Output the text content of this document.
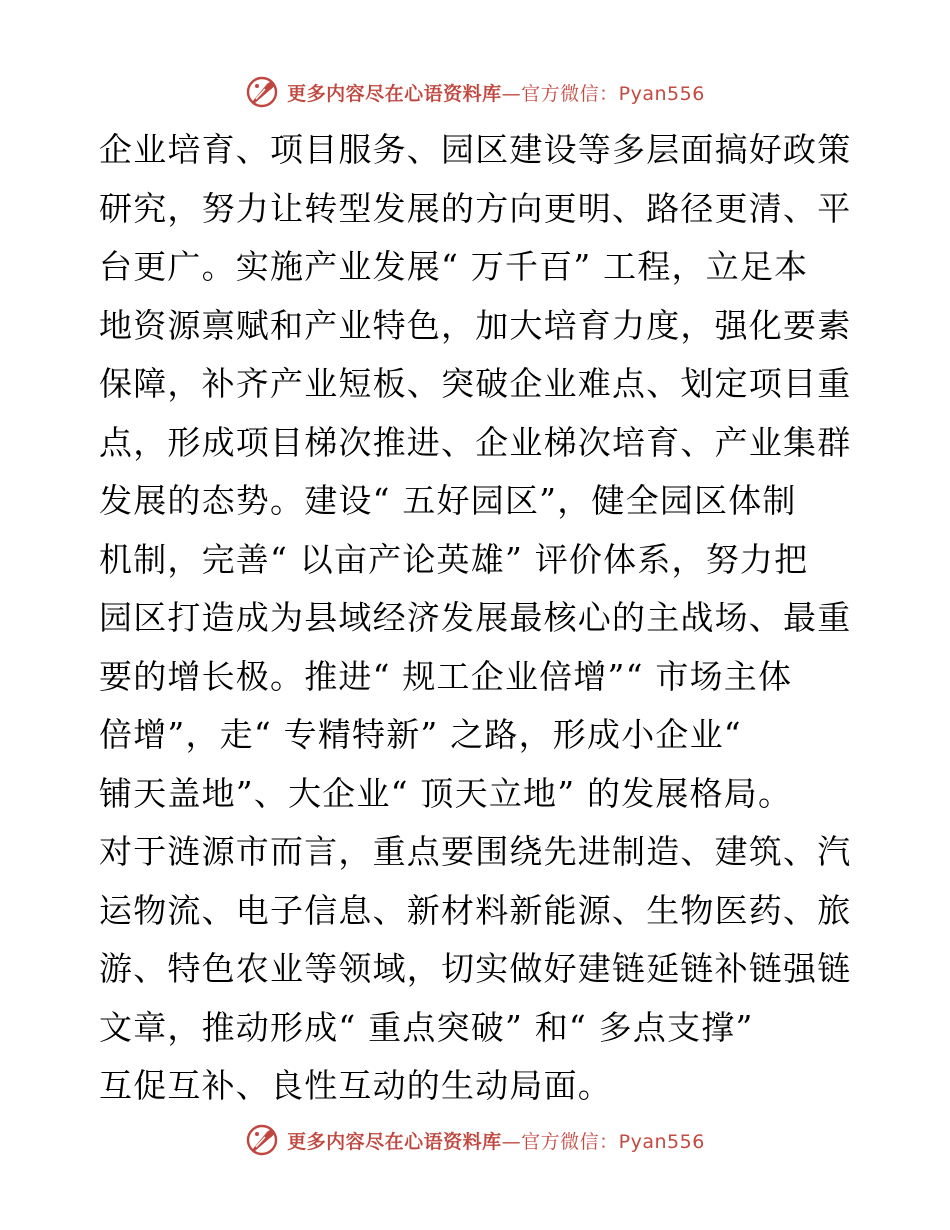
更多内容尽在心语资料库—官方微信：Pyan556
企业培育、项目服务、园区建设等多层面搞好政策
研究，努力让转型发展的方向更明、路径更清、平
台更广。实施产业发展“ 万千百” 工程，立足本
地资源禀赋和产业特色，加大培育力度，强化要素
保障，补齐产业短板、突破企业难点、划定项目重
点，形成项目梯次推进、企业梯次培育、产业集群
发展的态势。建设“ 五好园区”，健全园区体制
机制，完善“ 以亩产论英雄” 评价体系，努力把
园区打造成为县域经济发展最核心的主战场、最重
要的增长极。推进“ 规工企业倍增”“ 市场主体
倍增”，走“ 专精特新” 之路，形成小企业“
铺天盖地”、大企业“ 顶天立地” 的发展格局。
对于涟源市而言，重点要围绕先进制造、建筑、汽
运物流、电子信息、新材料新能源、生物医药、旅
游、特色农业等领域，切实做好建链延链补链强链
文章，推动形成“ 重点突破” 和“ 多点支撑”
互促互补、良性互动的生动局面。
更多内容尽在心语资料库—官方微信：Pyan556
